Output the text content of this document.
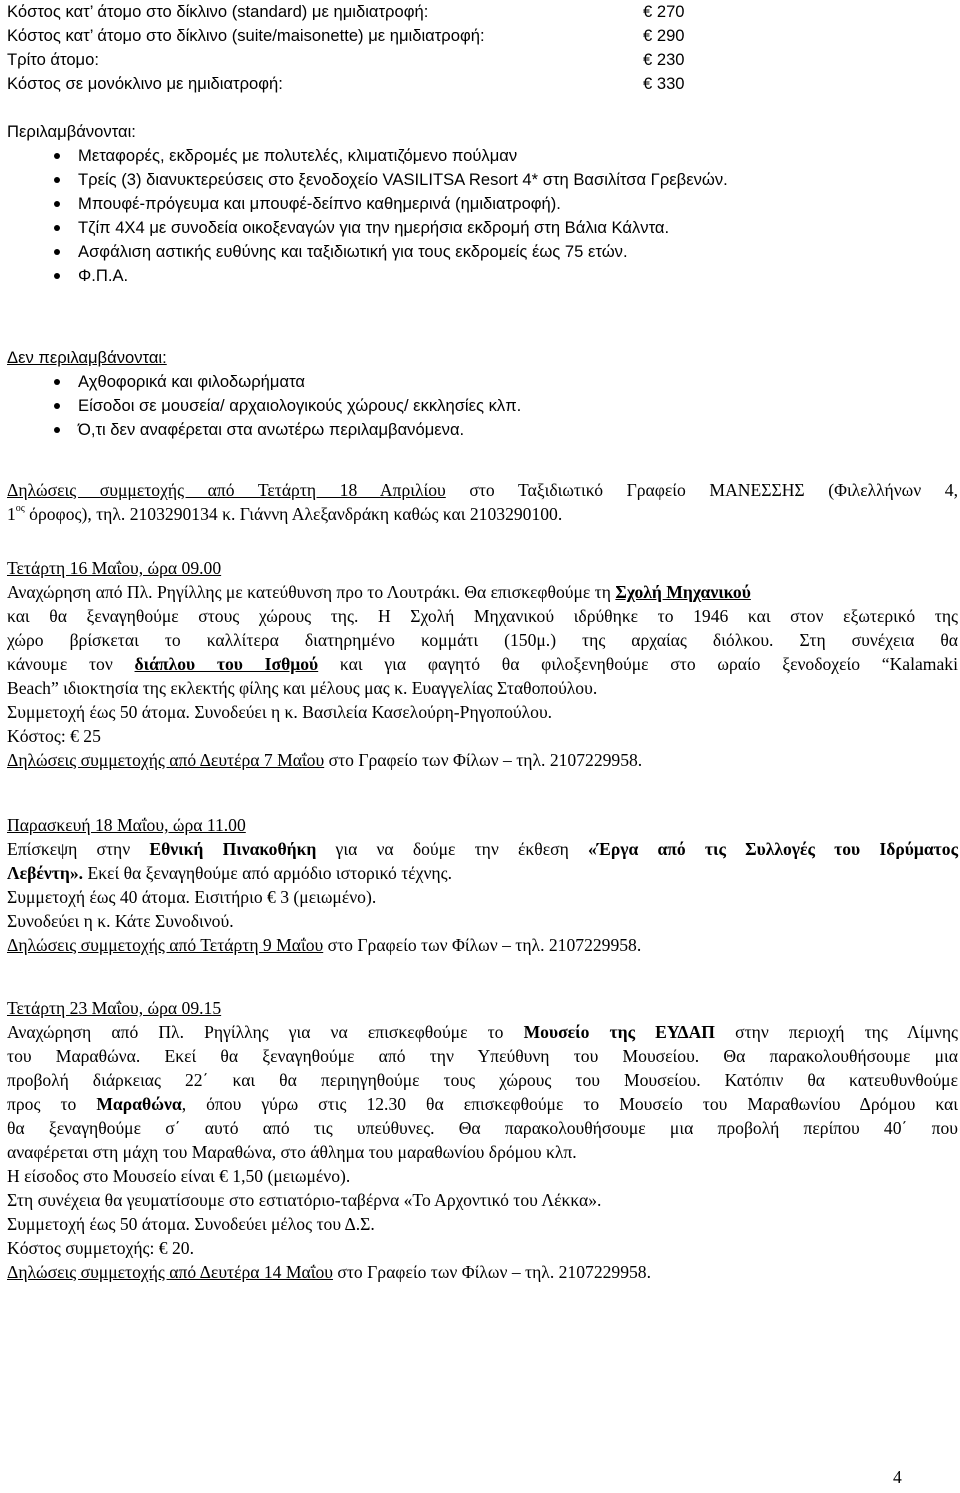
Κόστος κατ’ άτομο στο δίκλινο (standard) με ημιδιατροφή:	€ 270
Κόστος κατ’ άτομο στο δίκλινο (suite/maisonette) με ημιδιατροφή:	€ 290
Τρίτο άτομο:	€ 230
Κόστος σε μονόκλινο με ημιδιατροφή:	€ 330
Περιλαμβάνονται:
Μεταφορές, εκδρομές με πολυτελές, κλιματιζόμενο πούλμαν
Τρείς (3) διανυκτερεύσεις στο ξενοδοχείο VASILITSA Resort 4* στη Βασιλίτσα Γρεβενών.
Μπουφέ-πρόγευμα και μπουφέ-δείπνο καθημερινά (ημιδιατροφή).
Τζίπ 4Χ4 με συνοδεία οικοξεναγών για την ημερήσια εκδρομή στη Βάλια Κάλντα.
Ασφάλιση αστικής ευθύνης και ταξιδιωτική για τους εκδρομείς έως 75 ετών.
Φ.Π.Α.
Δεν περιλαμβάνονται:
Αχθοφορικά και φιλοδωρήματα
Είσοδοι σε μουσεία/ αρχαιολογικούς χώρους/ εκκλησίες κλπ.
Ό,τι δεν αναφέρεται στα ανωτέρω περιλαμβανόμενα.
Δηλώσεις συμμετοχής από Τετάρτη 18 Απριλίου στο Ταξιδιωτικό Γραφείο ΜΑΝΕΣΣΗΣ (Φιλελλήνων 4,
$1^{o\varsigma}$ όροφος), τηλ. 2103290134 κ. Γιάννη Αλεξανδράκη καθώς και 2103290100.
Τετάρτη 16 Μαΐου, ώρα 09.00
Αναχώρηση από Πλ. Ρηγίλλης με κατεύθυνση προ το Λουτράκι. Θα επισκεφθούμε τη Σχολή Μηχανικού
και θα ξεναγηθούμε στους χώρους της. Η Σχολή Μηχανικού ιδρύθηκε το 1946 και στον εξωτερικό της
χώρο βρίσκεται το καλλίτερα διατηρημένο κομμάτι (150μ.) της αρχαίας διόλκου. Στη συνέχεια θα
κάνουμε τον διάπλου του Ισθμού και για φαγητό θα φιλοξενηθούμε στο ωραίο ξενοδοχείο “Kalamaki
Beach” ιδιοκτησία της εκλεκτής φίλης και μέλους μας κ. Ευαγγελίας Σταθοπούλου.
Συμμετοχή έως 50 άτομα. Συνοδεύει η κ. Βασιλεία Κασελούρη-Ρηγοπούλου.
Κόστος: € 25
Δηλώσεις συμμετοχής από Δευτέρα 7 Μαΐου στο Γραφείο των Φίλων – τηλ. 2107229958.
Παρασκευή 18 Μαΐου, ώρα 11.00
Επίσκεψη στην Εθνική Πινακοθήκη για να δούμε την έκθεση «Έργα από τις Συλλογές του Ιδρύματος
Λεβέντη». Εκεί θα ξεναγηθούμε από αρμόδιο ιστορικό τέχνης.
Συμμετοχή έως 40 άτομα. Εισιτήριο € 3 (μειωμένο).
Συνοδεύει η κ. Κάτε Συνοδινού.
Δηλώσεις συμμετοχής από Τετάρτη 9 Μαΐου στο Γραφείο των Φίλων – τηλ. 2107229958.
Τετάρτη 23 Μαΐου, ώρα 09.15
Αναχώρηση από Πλ. Ρηγίλλης για να επισκεφθούμε το Μουσείο της ΕΥΔΑΠ στην περιοχή της Λίμνης
του Μαραθώνα. Εκεί θα ξεναγηθούμε από την Υπεύθυνη του Μουσείου. Θα παρακολουθήσουμε μια
προβολή διάρκειας 22΄ και θα περιηγηθούμε τους χώρους του Μουσείου. Κατόπιν θα κατευθυνθούμε
προς το Μαραθώνα, όπου γύρω στις 12.30 θα επισκεφθούμε το Μουσείο του Μαραθωνίου Δρόμου και
θα ξεναγηθούμε σ΄ αυτό από τις υπεύθυνες. Θα παρακολουθήσουμε μια προβολή περίπου 40΄ που
αναφέρεται στη μάχη του Μαραθώνα, στο άθλημα του μαραθωνίου δρόμου κλπ.
Η είσοδος στο Μουσείο είναι € 1,50 (μειωμένο).
Στη συνέχεια θα γευματίσουμε στο εστιατόριο-ταβέρνα «Το Αρχοντικό του Λέκκα».
Συμμετοχή έως 50 άτομα. Συνοδεύει μέλος του Δ.Σ.
Κόστος συμμετοχής: € 20.
Δηλώσεις συμμετοχής από Δευτέρα 14 Μαΐου στο Γραφείο των Φίλων – τηλ. 2107229958.
4
